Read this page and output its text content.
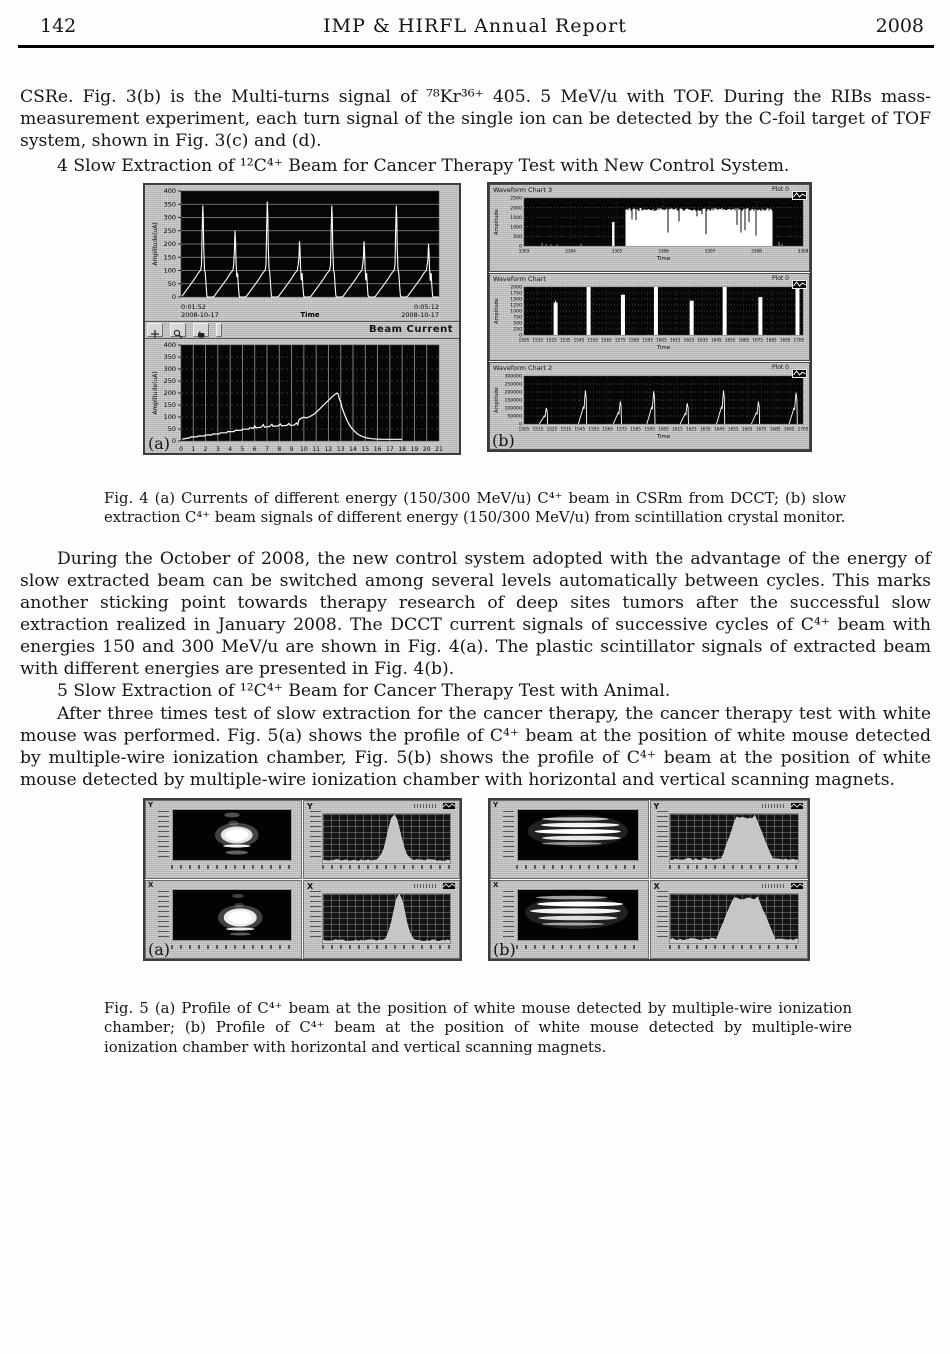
142	IMP & HIRFL Annual Report	2008

CSRe. Fig. 3(b) is the Multi-turns signal of ⁷⁸Kr³⁶⁺ 405. 5 MeV/u with TOF. During the RIBs mass-measurement experiment, each turn signal of the single ion can be detected by the C-foil target of TOF system, shown in Fig. 3(c) and (d).

4 Slow Extraction of ¹²C⁴⁺ Beam for Cancer Therapy Test with New Control System.

0
50
100
150
200
250
300
350
400
Amplitude(uA)
0:01:52
2008-10-17
0:05:12
2008-10-17
Time

Beam Current
0 1 2 3 4 5 6 7 8 9 10 11 12 13 14 15 16 17 18 19 20 21
0
50
100
150
200
250
300
350
400
Amplitude(uA)
(a)
Waveform Chart 3	$^{Plot 0}$
0
500
1000
1500
2000
2500
3303	3304	3305	3306	3307	3308	3309
Time
Amplitude
Waveform Chart	$^{Plot 0}$
0
250
500
750
1000
1250
1500
1750
2000
1505 1515 1525 1535 1545 1555 1565 1575 1585 1595 1605 1615 1625 1635 1645 1655 1665 1675 1685 1695 1705
Time
Amplitude
Waveform Chart 2	$^{Plot 0}$
0
50000
100000
150000
200000
250000
300000
1505 1515 1525 1535 1545 1555 1565 1575 1585 1595 1605 1615 1625 1635 1645 1655 1665 1675 1685 1695 1705
Time
Amplitude
(b)

Fig. 4 (a) Currents of different energy (150/300 MeV/u) C⁴⁺ beam in CSRm from DCCT; (b) slow extraction C⁴⁺ beam signals of different energy (150/300 MeV/u) from scintillation crystal monitor.

During the October of 2008, the new control system adopted with the advantage of the energy of slow extracted beam can be switched among several levels automatically between cycles. This marks another sticking point towards therapy research of deep sites tumors after the successful slow extraction realized in January 2008. The DCCT current signals of successive cycles of C⁴⁺ beam with energies 150 and 300 MeV/u are shown in Fig. 4(a). The plastic scintillator signals of extracted beam with different energies are presented in Fig. 4(b).

5 Slow Extraction of ¹²C⁴⁺ Beam for Cancer Therapy Test with Animal.

After three times test of slow extraction for the cancer therapy, the cancer therapy test with white mouse was performed. Fig. 5(a) shows the profile of C⁴⁺ beam at the position of white mouse detected by multiple-wire ionization chamber, Fig. 5(b) shows the profile of C⁴⁺ beam at the position of white mouse detected by multiple-wire ionization chamber with horizontal and vertical scanning magnets.

Y	Y
X	X
(a)
Y	Y
X	X
(b)

Fig. 5 (a) Profile of C⁴⁺ beam at the position of white mouse detected by multiple-wire ionization chamber; (b) Profile of C⁴⁺ beam at the position of white mouse detected by multiple-wire ionization chamber with horizontal and vertical scanning magnets.
